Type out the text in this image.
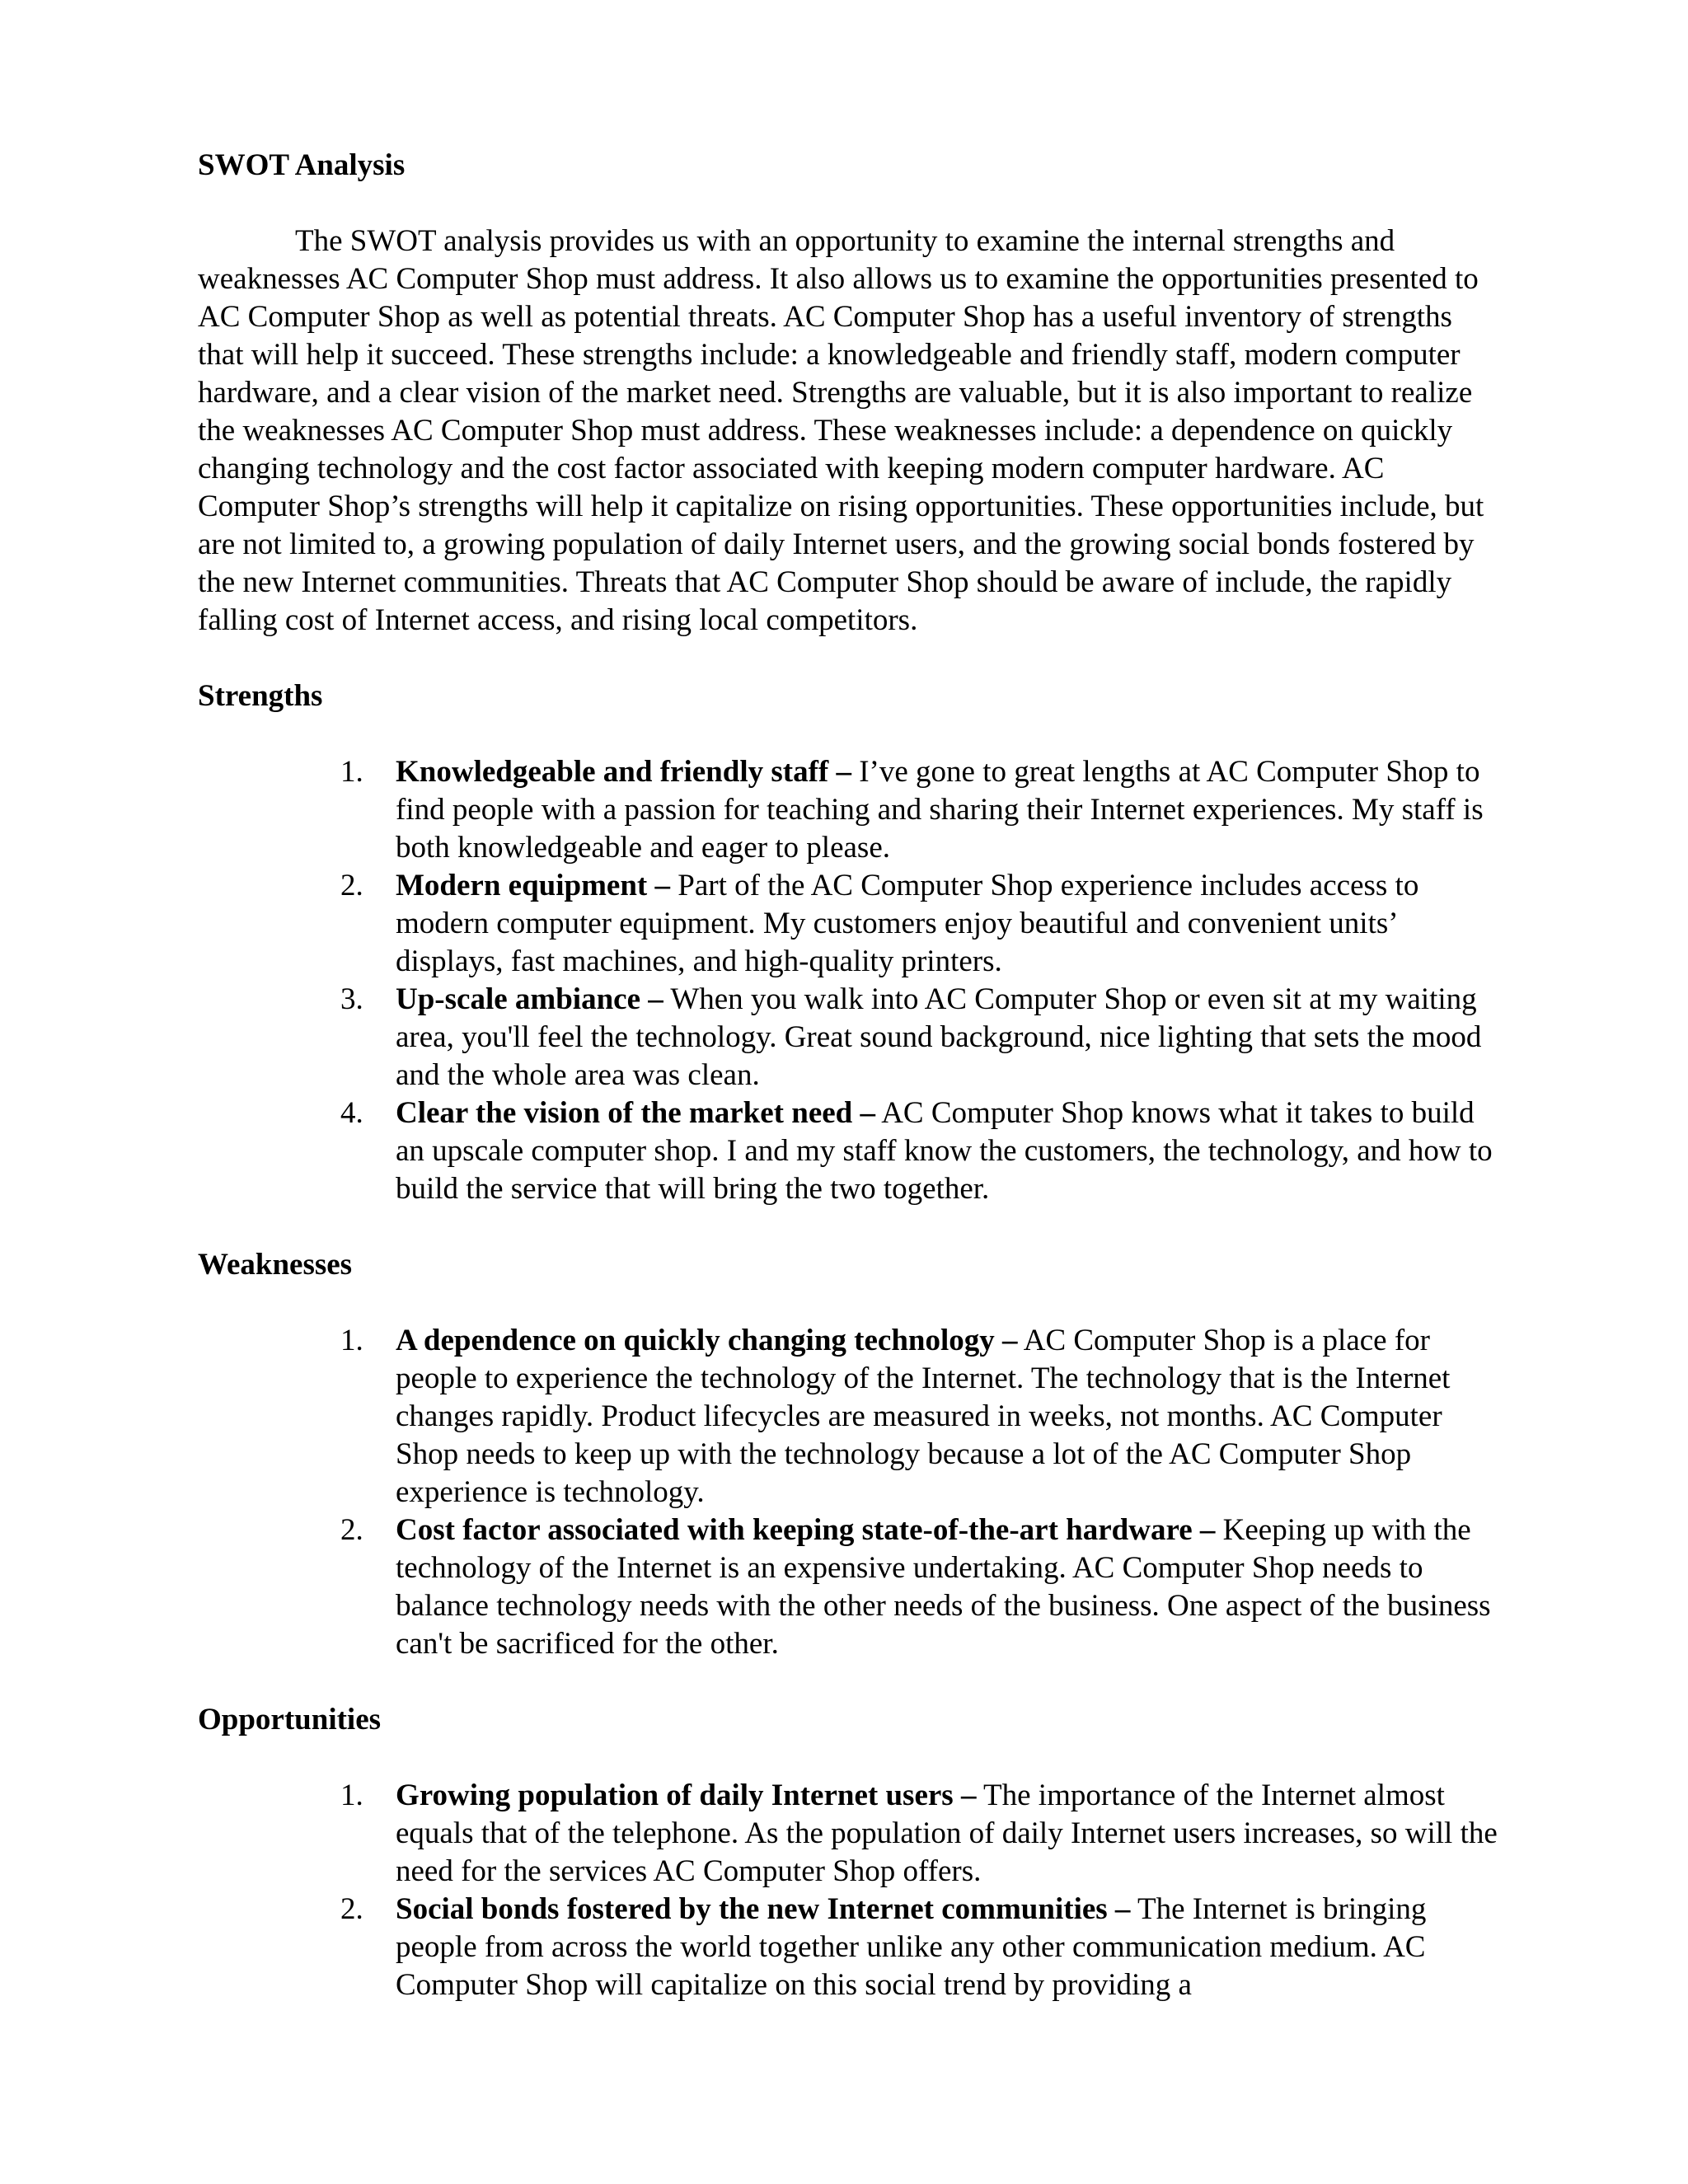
SWOT Analysis

The SWOT analysis provides us with an opportunity to examine the internal strengths and weaknesses AC Computer Shop must address. It also allows us to examine the opportunities presented to AC Computer Shop as well as potential threats. AC Computer Shop has a useful inventory of strengths that will help it succeed. These strengths include: a knowledgeable and friendly staff, modern computer hardware, and a clear vision of the market need. Strengths are valuable, but it is also important to realize the weaknesses AC Computer Shop must address. These weaknesses include: a dependence on quickly changing technology and the cost factor associated with keeping modern computer hardware. AC Computer Shop’s strengths will help it capitalize on rising opportunities. These opportunities include, but are not limited to, a growing population of daily Internet users, and the growing social bonds fostered by the new Internet communities. Threats that AC Computer Shop should be aware of include, the rapidly falling cost of Internet access, and rising local competitors.

Strengths
1. Knowledgeable and friendly staff – I’ve gone to great lengths at AC Computer Shop to find people with a passion for teaching and sharing their Internet experiences. My staff is both knowledgeable and eager to please.
2. Modern equipment – Part of the AC Computer Shop experience includes access to modern computer equipment. My customers enjoy beautiful and convenient units’ displays, fast machines, and high-quality printers.
3. Up-scale ambiance – When you walk into AC Computer Shop or even sit at my waiting area, you'll feel the technology. Great sound background, nice lighting that sets the mood and the whole area was clean.
4. Clear the vision of the market need – AC Computer Shop knows what it takes to build an upscale computer shop. I and my staff know the customers, the technology, and how to build the service that will bring the two together.
Weaknesses
1. A dependence on quickly changing technology – AC Computer Shop is a place for people to experience the technology of the Internet. The technology that is the Internet changes rapidly. Product lifecycles are measured in weeks, not months. AC Computer Shop needs to keep up with the technology because a lot of the AC Computer Shop experience is technology.
2. Cost factor associated with keeping state-of-the-art hardware – Keeping up with the technology of the Internet is an expensive undertaking. AC Computer Shop needs to balance technology needs with the other needs of the business. One aspect of the business can't be sacrificed for the other.
Opportunities
1. Growing population of daily Internet users – The importance of the Internet almost equals that of the telephone. As the population of daily Internet users increases, so will the need for the services AC Computer Shop offers.
2. Social bonds fostered by the new Internet communities – The Internet is bringing people from across the world together unlike any other communication medium. AC Computer Shop will capitalize on this social trend by providing a
